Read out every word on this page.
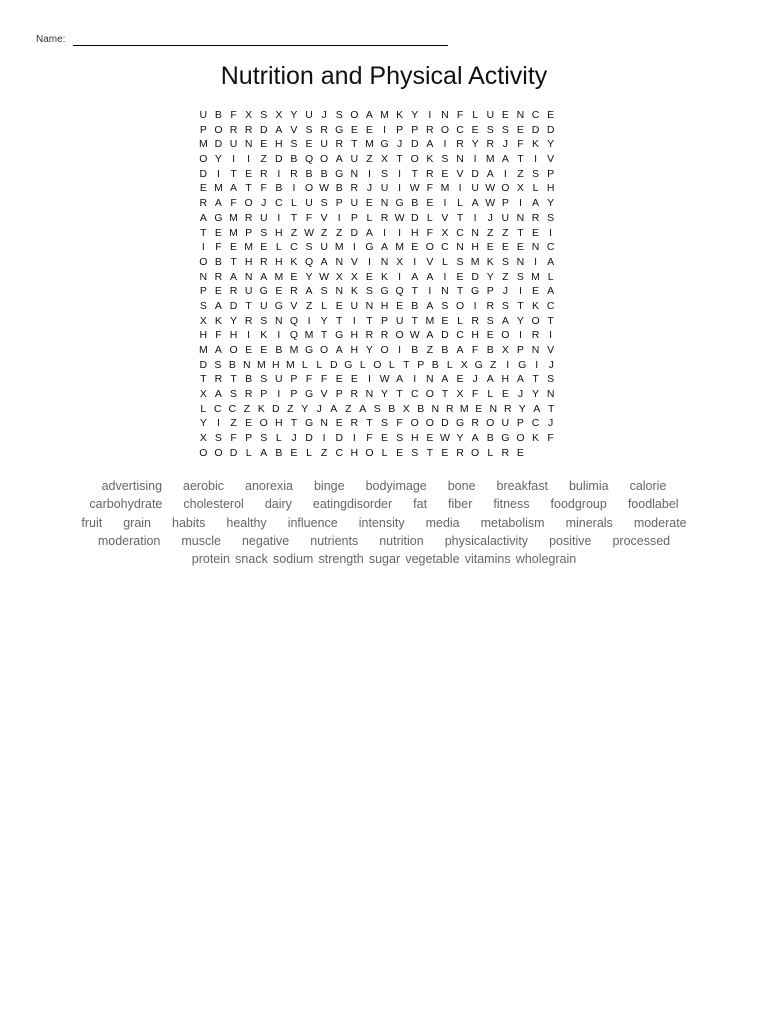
Name:
Nutrition and Physical Activity
U B F X S X Y U J S O A M K Y I N F L U E N C E
P O R R D A V S R G E E I P P R O C E S S E D D
M D U N E H S E U R T M G J D A I R Y R J F K Y
O Y I	I Z D B Q O A U Z X T O K S N I M A T I V
D I T E R I R B B G N I S I T R E V D A I Z S P
E M A T F B I O W B R J U I W F M I U W O X L H
R A F O J C L U S P U E N G B E I	L A W P I A Y
A G M R U I T F V I P L R W D L V T I	J U N R S
T E M P S H Z W Z Z D A I	I H F X C N Z Z T E I
I F E M E L C S U M I G A M E O C N H E E E N C
O B T H R H K Q A N V I N X I V L S M K S N I A
N R A N A M E Y W X X E K I A A I E D Y Z S M L
P E R U G E R A S N K S G Q T I N T G P J	I E A
S A D T U G V Z L E U N H E B A S O I R S T K C
X K Y R S N Q I Y T I T P U T M E L R S A Y O T
H F H I K I Q M T G H R R O W A D C H E O I R I
M A O E E B M G O A H Y O I B Z B A F B X P N V
D S B N M H M L L D G L O L T P B L X G Z I G I J
T R T B S U P F F E E I W A I N A E J A H A T S
X A S R P I P G V P R N Y T C O T X F L E J Y N
L C C Z K D Z Y J A Z A S B X B N R M E N R Y A T
Y I Z E O H T G N E R T S F O O D G R O U P C J
X S F P S L J D I D I F E S H E W Y A B G O K F
O O D L A B E L Z C H O L E S T E R O L R E
advertising	aerobic	anorexia	binge	bodyimage	bone	breakfast	bulimia	calorie
carbohydrate	cholesterol	dairy	eatingdisorder	fat	fiber	fitness	foodgroup	foodlabel
fruit	grain	habits	healthy	influence	intensity	media	metabolism	minerals	moderate
moderation	muscle	negative	nutrients	nutrition	physicalactivity	positive	processed
protein snack sodium strength sugar vegetable vitamins wholegrain
